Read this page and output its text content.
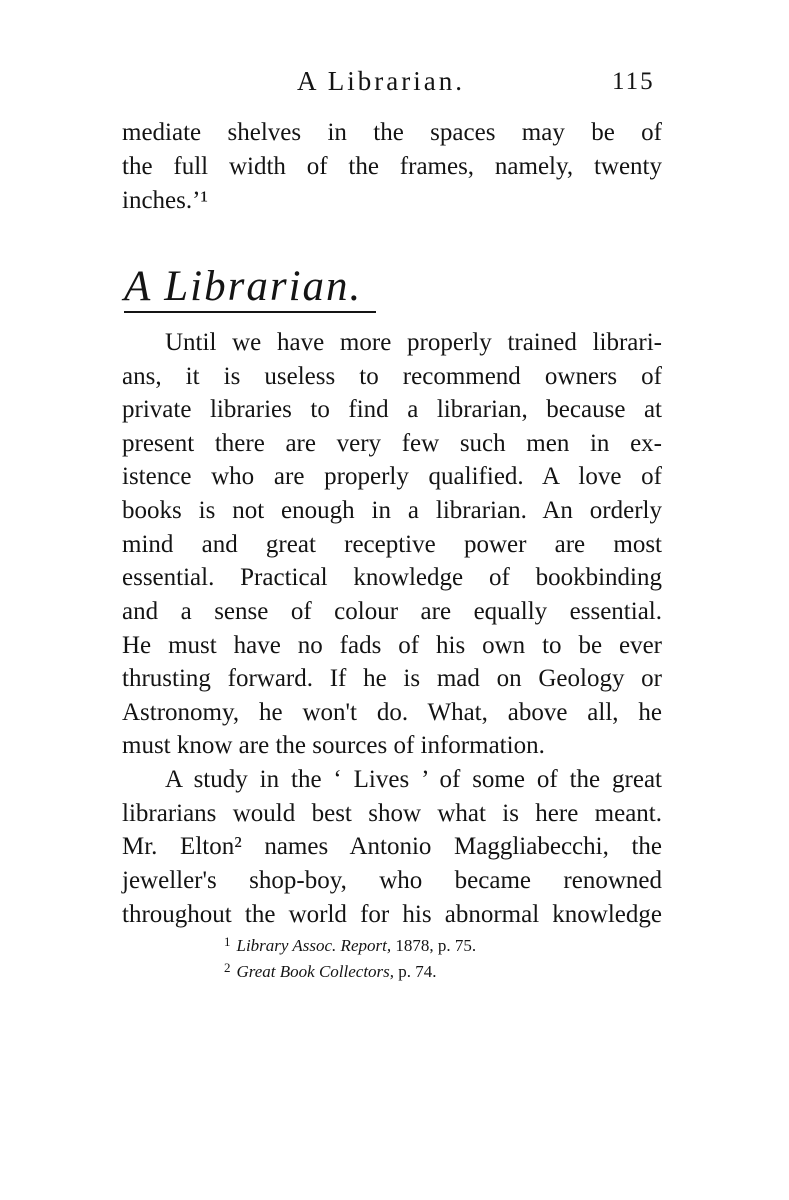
A Librarian.	115
mediate shelves in the spaces may be of
the full width of the frames, namely, twenty
inches.’¹
A Librarian.
Until we have more properly trained librari-
ans, it is useless to recommend owners of
private libraries to find a librarian, because at
present there are very few such men in ex-
istence who are properly qualified. A love of
books is not enough in a librarian. An orderly
mind and great receptive power are most
essential. Practical knowledge of bookbinding
and a sense of colour are equally essential.
He must have no fads of his own to be ever
thrusting forward. If he is mad on Geology or
Astronomy, he won't do. What, above all, he
must know are the sources of information.
A study in the ‘ Lives ’ of some of the great
librarians would best show what is here meant.
Mr. Elton² names Antonio Maggliabecchi, the
jeweller's shop-boy, who became renowned
throughout the world for his abnormal knowledge
$^1$ Library Assoc. Report, 1878, p. 75.
$^2$ Great Book Collectors, p. 74.
